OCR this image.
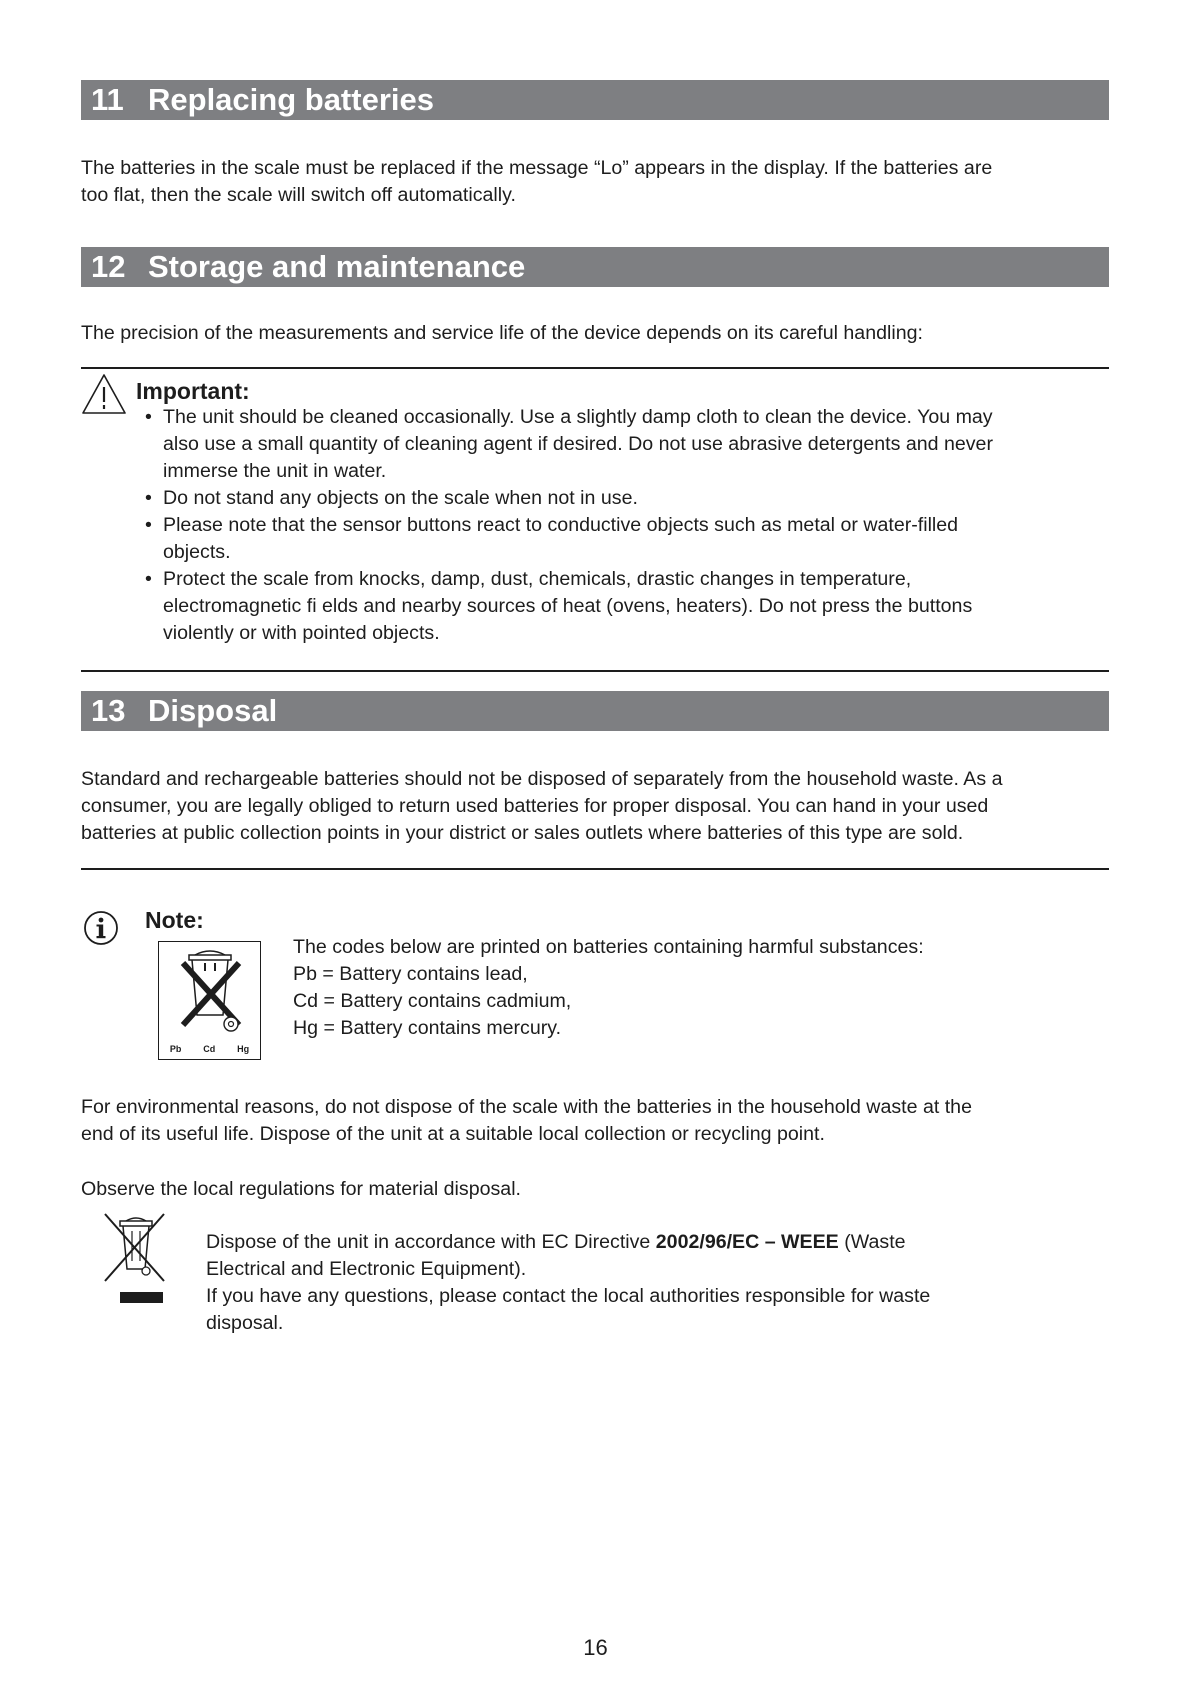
11 Replacing batteries
The batteries in the scale must be replaced if the message “Lo” appears in the display. If the batteries are
too flat, then the scale will switch off automatically.
12 Storage and maintenance
The precision of the measurements and service life of the device depends on its careful handling:
Important:
• The unit should be cleaned occasionally. Use a slightly damp cloth to clean the device. You may
also use a small quantity of cleaning agent if desired. Do not use abrasive detergents and never
immerse the unit in water.
• Do not stand any objects on the scale when not in use.
• Please note that the sensor buttons react to conductive objects such as metal or water-filled
objects.
• Protect the scale from knocks, damp, dust, chemicals, drastic changes in temperature,
electromagnetic fi elds and nearby sources of heat (ovens, heaters). Do not press the buttons
violently or with pointed objects.
13 Disposal
Standard and rechargeable batteries should not be disposed of separately from the household waste. As a
consumer, you are legally obliged to return used batteries for proper disposal. You can hand in your used
batteries at public collection points in your district or sales outlets where batteries of this type are sold.
Note:
Pb Cd Hg
The codes below are printed on batteries containing harmful substances:
Pb = Battery contains lead,
Cd = Battery contains cadmium,
Hg = Battery contains mercury.
For environmental reasons, do not dispose of the scale with the batteries in the household waste at the
end of its useful life. Dispose of the unit at a suitable local collection or recycling point.
Observe the local regulations for material disposal.
Dispose of the unit in accordance with EC Directive 2002/96/EC – WEEE (Waste
Electrical and Electronic Equipment).
If you have any questions, please contact the local authorities responsible for waste
disposal.
16
